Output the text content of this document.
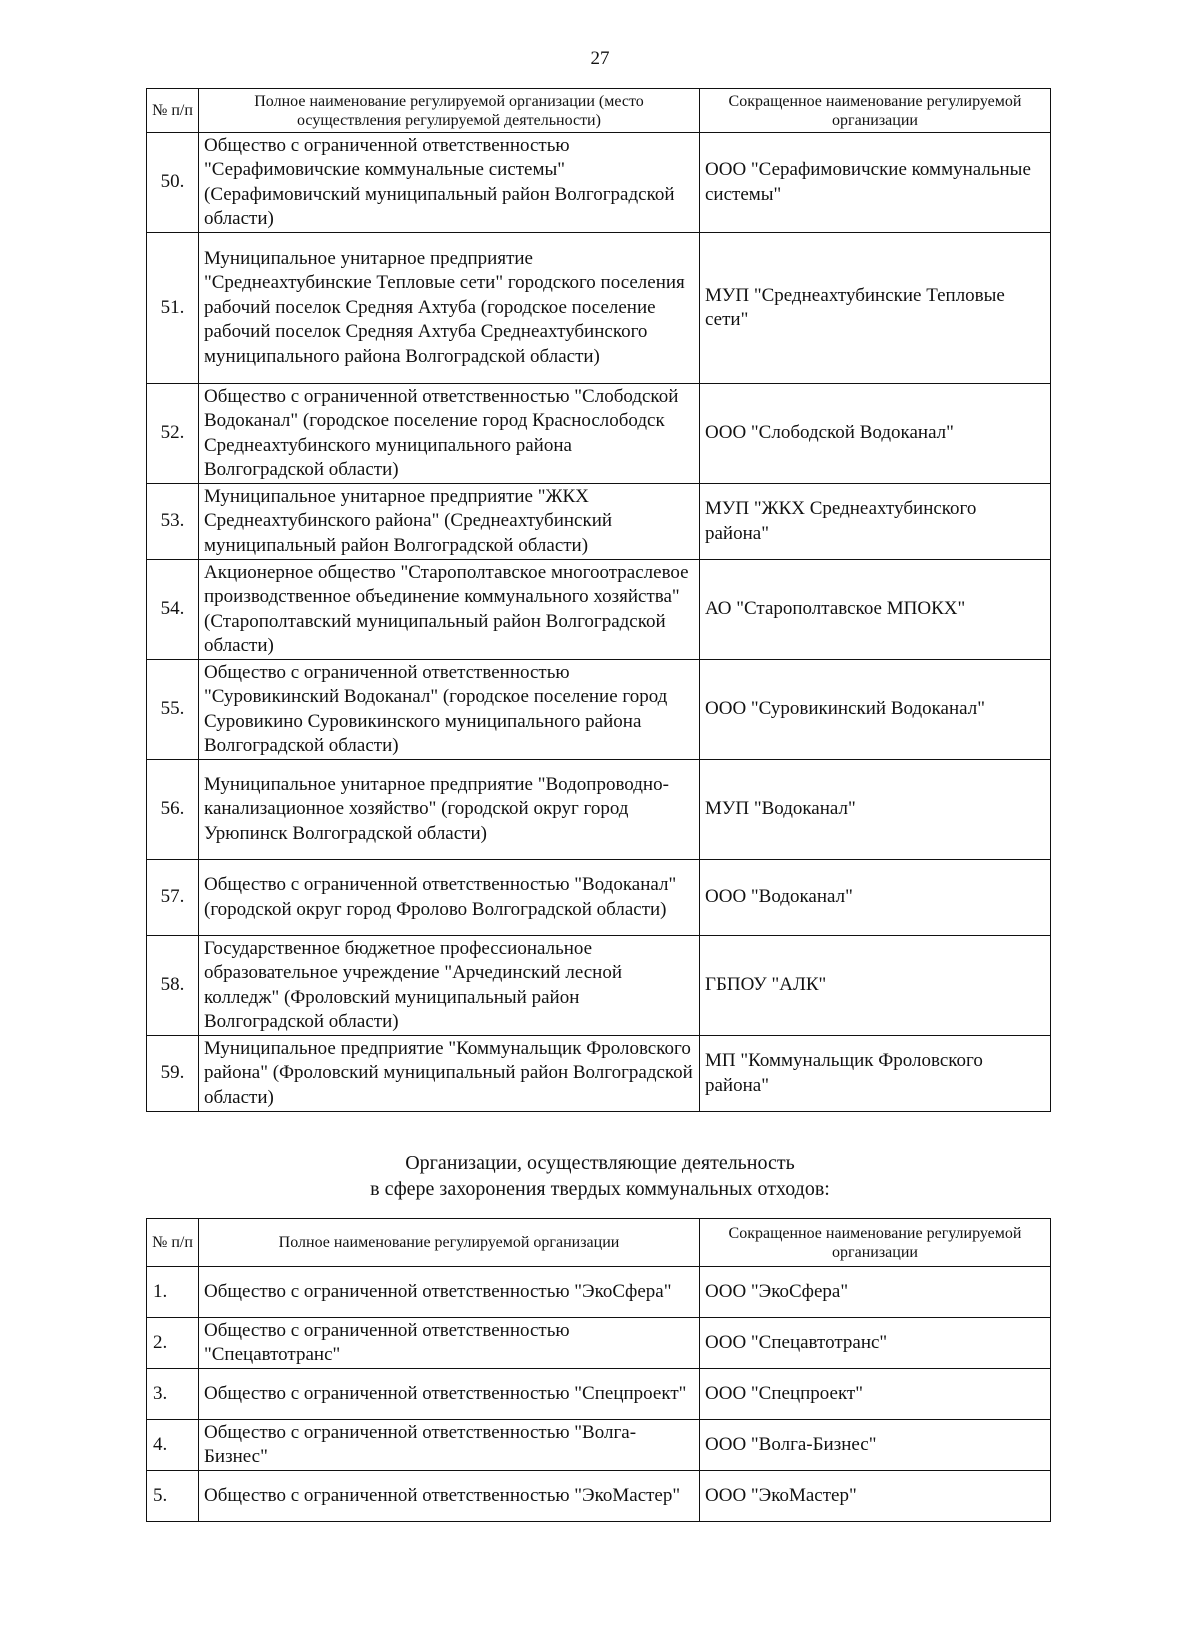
27
№ п/п	Полное наименование регулируемой организации (место осуществления регулируемой деятельности)	Сокращенное наименование регулируемой организации
50.	Общество с ограниченной ответственностью "Серафимовичские коммунальные системы" (Серафимовичский муниципальный район Волгоградской области)	ООО "Серафимовичские коммунальные системы"
51.	Муниципальное унитарное предприятие "Среднеахтубинские Тепловые сети" городского поселения рабочий поселок Средняя Ахтуба (городское поселение рабочий поселок Средняя Ахтуба Среднеахтубинского муниципального района Волгоградской области)	МУП "Среднеахтубинские Тепловые сети"
52.	Общество с ограниченной ответственностью "Слободской Водоканал" (городское поселение город Краснослободск Среднеахтубинского муниципального района Волгоградской области)	ООО "Слободской Водоканал"
53.	Муниципальное унитарное предприятие "ЖКХ Среднеахтубинского района" (Среднеахтубинский муниципальный район Волгоградской области)	МУП "ЖКХ Среднеахтубинского района"
54.	Акционерное общество "Старополтавское многоотраслевое производственное объединение коммунального хозяйства" (Старополтавский муниципальный район Волгоградской области)	АО "Старополтавское МПОКХ"
55.	Общество с ограниченной ответственностью "Суровикинский Водоканал" (городское поселение город Суровикино Суровикинского муниципального района Волгоградской области)	ООО "Суровикинский Водоканал"
56.	Муниципальное унитарное предприятие "Водопроводно-канализационное хозяйство" (городской округ город Урюпинск Волгоградской области)	МУП "Водоканал"
57.	Общество с ограниченной ответственностью "Водоканал" (городской округ город Фролово Волгоградской области)	ООО "Водоканал"
58.	Государственное бюджетное профессиональное образовательное учреждение "Арчединский лесной колледж" (Фроловский муниципальный район Волгоградской области)	ГБПОУ "АЛК"
59.	Муниципальное предприятие "Коммунальщик Фроловского района" (Фроловский муниципальный район Волгоградской области)	МП "Коммунальщик Фроловского района"
Организации, осуществляющие деятельность
в сфере захоронения твердых коммунальных отходов:
№ п/п	Полное наименование регулируемой организации	Сокращенное наименование регулируемой организации
1.	Общество с ограниченной ответственностью "ЭкоСфера"	ООО "ЭкоСфера"
2.	Общество с ограниченной ответственностью "Спецавтотранс"	ООО "Спецавтотранс"
3.	Общество с ограниченной ответственностью "Спецпроект"	ООО "Спецпроект"
4.	Общество с ограниченной ответственностью "Волга-Бизнес"	ООО "Волга-Бизнес"
5.	Общество с ограниченной ответственностью "ЭкоМастер"	ООО "ЭкоМастер"
